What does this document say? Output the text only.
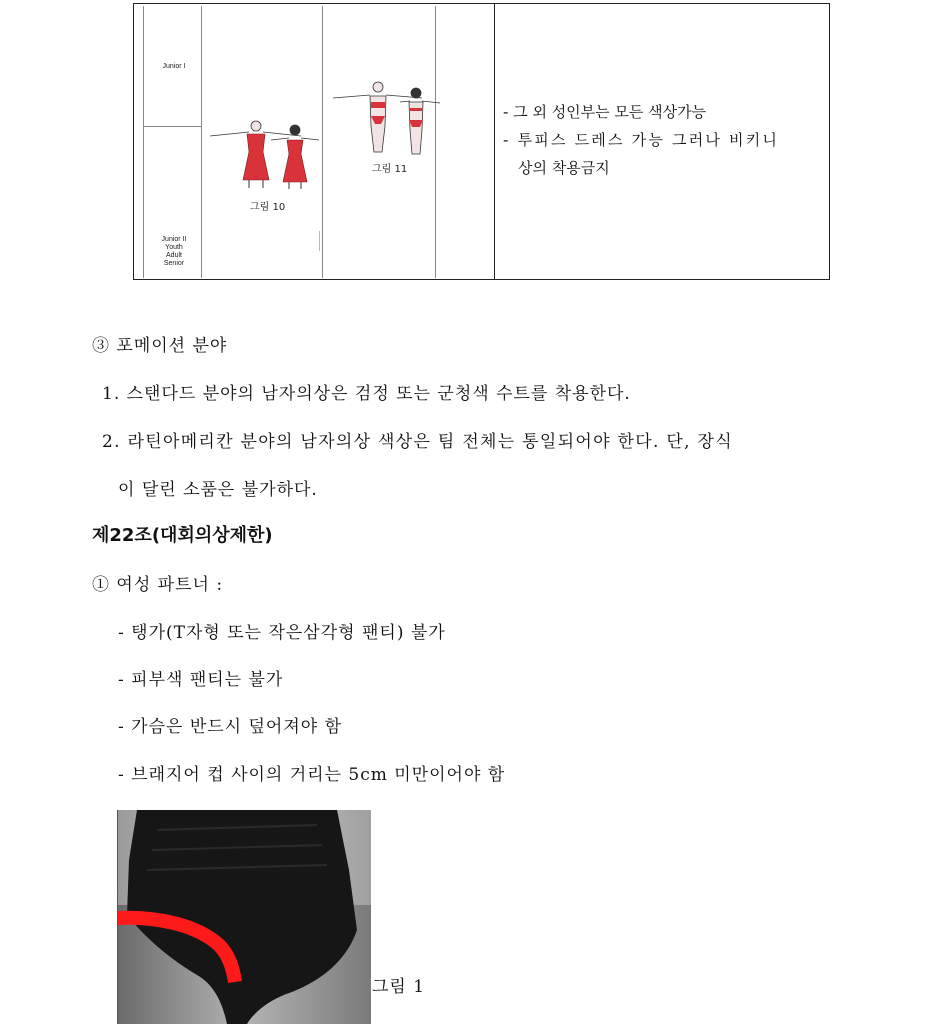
Junior I
Junior II
Youth
Adult
Senior
그림 10
그림 11
- 그 외 성인부는 모든 색상가능
- 투피스 드레스 가능 그러나 비키니
상의 착용금지
③ 포메이션 분야
1. 스탠다드 분야의 남자의상은 검정 또는 군청색 수트를 착용한다.
2. 라틴아메리칸 분야의 남자의상 색상은 팀 전체는 통일되어야 한다. 단, 장식
이 달린 소품은 불가하다.
제22조(대회의상제한)
① 여성 파트너 :
- 탱가(T자형 또는 작은삼각형 팬티) 불가
- 피부색 팬티는 불가
- 가슴은 반드시 덮어져야 함
- 브래지어 컵 사이의 거리는 5cm 미만이어야 함
그림 1
